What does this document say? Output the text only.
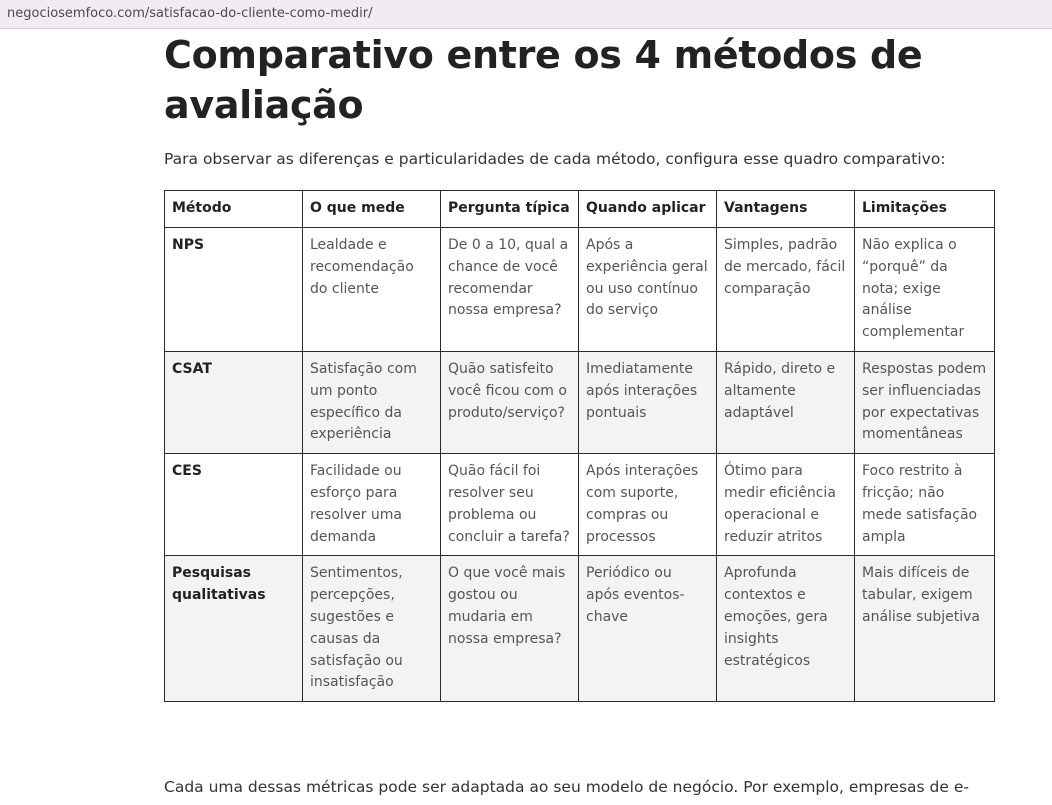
negociosemfoco.com/satisfacao-do-cliente-como-medir/
Comparativo entre os 4 métodos de avaliação

Para observar as diferenças e particularidades de cada método, configura esse quadro comparativo:

Método	O que mede	Pergunta típica	Quando aplicar	Vantagens	Limitações
NPS	Lealdade e recomendação do cliente	De 0 a 10, qual a chance de você recomendar nossa empresa?	Após a experiência geral ou uso contínuo do serviço	Simples, padrão de mercado, fácil comparação	Não explica o “porquê” da nota; exige análise complementar
CSAT	Satisfação com um ponto específico da experiência	Quão satisfeito você ficou com o produto/serviço?	Imediatamente após interações pontuais	Rápido, direto e altamente adaptável	Respostas podem ser influenciadas por expectativas momentâneas
CES	Facilidade ou esforço para resolver uma demanda	Quão fácil foi resolver seu problema ou concluir a tarefa?	Após interações com suporte, compras ou processos	Ótimo para medir eficiência operacional e reduzir atritos	Foco restrito à fricção; não mede satisfação ampla
Pesquisas qualitativas	Sentimentos, percepções, sugestões e causas da satisfação ou insatisfação	O que você mais gostou ou mudaria em nossa empresa?	Periódico ou após eventos-chave	Aprofunda contextos e emoções, gera insights estratégicos	Mais difíceis de tabular, exigem análise subjetiva

Cada uma dessas métricas pode ser adaptada ao seu modelo de negócio. Por exemplo, empresas de e-
